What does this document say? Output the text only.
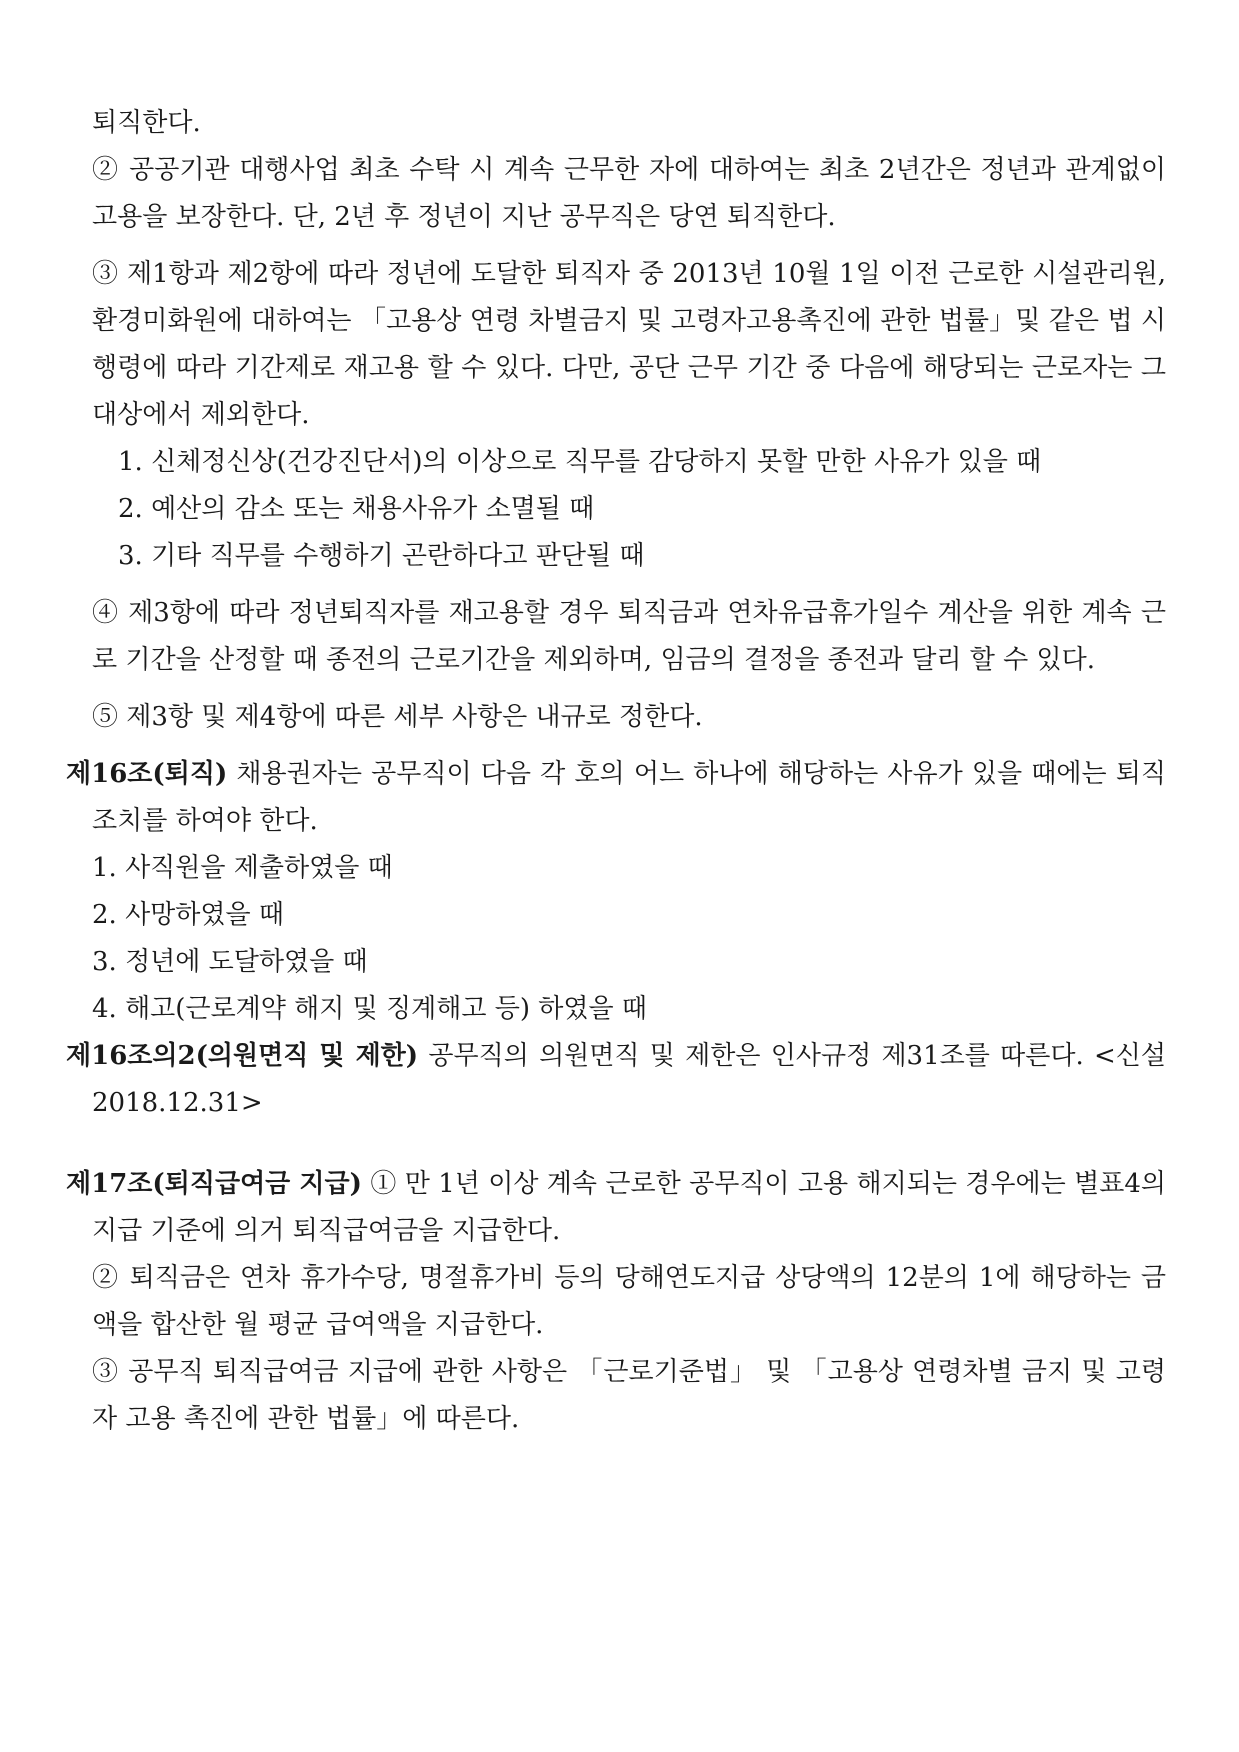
퇴직한다.

② 공공기관 대행사업 최초 수탁 시 계속 근무한 자에 대하여는 최초 2년간은 정년과 관계없이 고용을 보장한다. 단, 2년 후 정년이 지난 공무직은 당연 퇴직한다.

③ 제1항과 제2항에 따라 정년에 도달한 퇴직자 중 2013년 10월 1일 이전 근로한 시설관리원, 환경미화원에 대하여는 「고용상 연령 차별금지 및 고령자고용촉진에 관한 법률」및 같은 법 시행령에 따라 기간제로 재고용 할 수 있다. 다만, 공단 근무 기간 중 다음에 해당되는 근로자는 그 대상에서 제외한다.

1. 신체정신상(건강진단서)의 이상으로 직무를 감당하지 못할 만한 사유가 있을 때

2. 예산의 감소 또는 채용사유가 소멸될 때

3. 기타 직무를 수행하기 곤란하다고 판단될 때

④ 제3항에 따라 정년퇴직자를 재고용할 경우 퇴직금과 연차유급휴가일수 계산을 위한 계속 근로 기간을 산정할 때 종전의 근로기간을 제외하며, 임금의 결정을 종전과 달리 할 수 있다.

⑤ 제3항 및 제4항에 따른 세부 사항은 내규로 정한다.

제16조(퇴직) 채용권자는 공무직이 다음 각 호의 어느 하나에 해당하는 사유가 있을 때에는 퇴직조치를 하여야 한다.

1. 사직원을 제출하였을 때

2. 사망하였을 때

3. 정년에 도달하였을 때

4. 해고(근로계약 해지 및 징계해고 등) 하였을 때

제16조의2(의원면직 및 제한) 공무직의 의원면직 및 제한은 인사규정 제31조를 따른다. <신설 2018.12.31>

제17조(퇴직급여금 지급) ① 만 1년 이상 계속 근로한 공무직이 고용 해지되는 경우에는 별표4의 지급 기준에 의거 퇴직급여금을 지급한다.

② 퇴직금은 연차 휴가수당, 명절휴가비 등의 당해연도지급 상당액의 12분의 1에 해당하는 금액을 합산한 월 평균 급여액을 지급한다.

③ 공무직 퇴직급여금 지급에 관한 사항은 「근로기준법」 및 「고용상 연령차별 금지 및 고령자 고용 촉진에 관한 법률」에 따른다.
